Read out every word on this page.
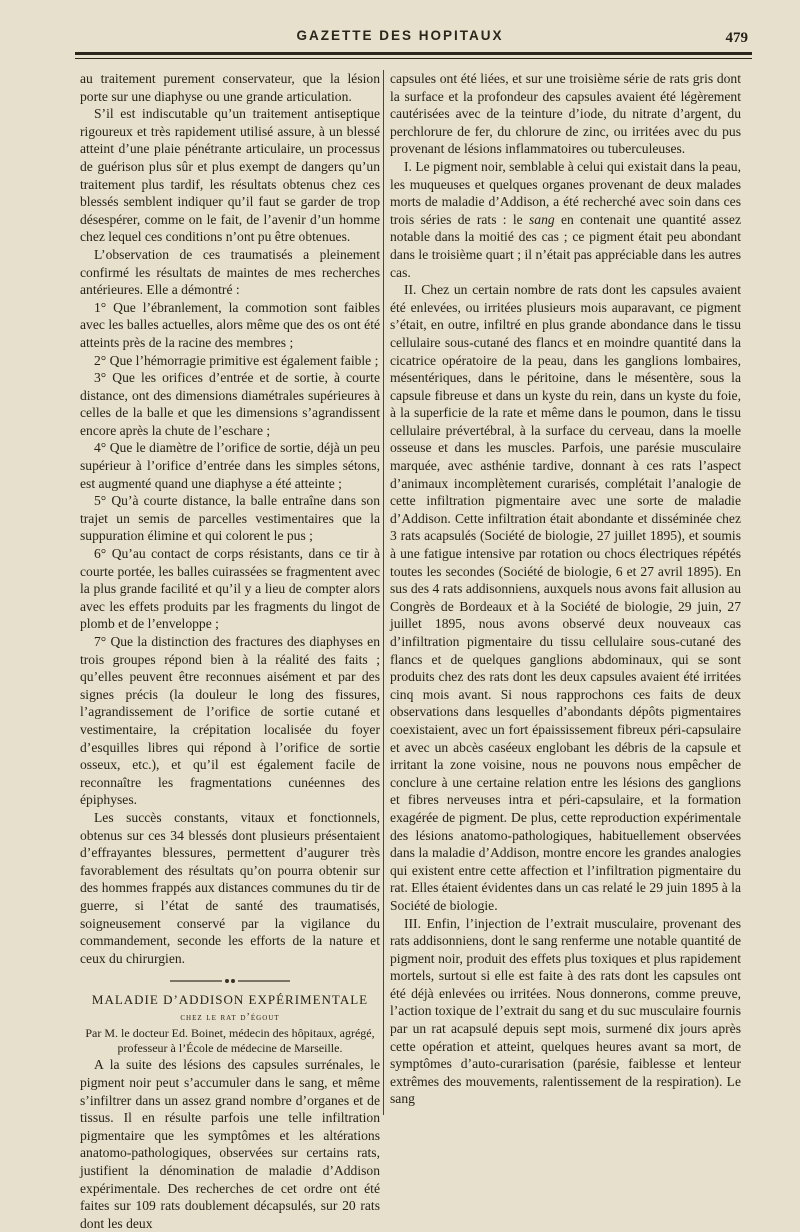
GAZETTE DES HOPITAUX	479

au traitement purement conservateur, que la lésion porte sur une diaphyse ou une grande articulation.

S’il est indiscutable qu’un traitement antiseptique rigoureux et très rapidement utilisé assure, à un blessé atteint d’une plaie pénétrante articulaire, un processus de guérison plus sûr et plus exempt de dangers qu’un traitement plus tardif, les résultats obtenus chez ces blessés semblent indiquer qu’il faut se garder de trop désespérer, comme on le fait, de l’avenir d’un homme chez lequel ces conditions n’ont pu être obtenues.

L’observation de ces traumatisés a pleinement confirmé les résultats de maintes de mes recherches antérieures. Elle a démontré :

1° Que l’ébranlement, la commotion sont faibles avec les balles actuelles, alors même que des os ont été atteints près de la racine des membres ;

2° Que l’hémorragie primitive est également faible ;

3° Que les orifices d’entrée et de sortie, à courte distance, ont des dimensions diamétrales supérieures à celles de la balle et que les dimensions s’agrandissent encore après la chute de l’eschare ;

4° Que le diamètre de l’orifice de sortie, déjà un peu supérieur à l’orifice d’entrée dans les simples sétons, est augmenté quand une diaphyse a été atteinte ;

5° Qu’à courte distance, la balle entraîne dans son trajet un semis de parcelles vestimentaires que la suppuration élimine et qui colorent le pus ;

6° Qu’au contact de corps résistants, dans ce tir à courte portée, les balles cuirassées se fragmentent avec la plus grande facilité et qu’il y a lieu de compter alors avec les effets produits par les fragments du lingot de plomb et de l’enveloppe ;

7° Que la distinction des fractures des diaphyses en trois groupes répond bien à la réalité des faits ; qu’elles peuvent être reconnues aisément et par des signes précis (la douleur le long des fissures, l’agrandissement de l’orifice de sortie cutané et vestimentaire, la crépitation localisée du foyer d’esquilles libres qui répond à l’orifice de sortie osseux, etc.), et qu’il est également facile de reconnaître les fragmentations cunéennes des épiphyses.

Les succès constants, vitaux et fonctionnels, obtenus sur ces 34 blessés dont plusieurs présentaient d’effrayantes blessures, permettent d’augurer très favorablement des résultats qu’on pourra obtenir sur des hommes frappés aux distances communes du tir de guerre, si l’état de santé des traumatisés, soigneusement conservé par la vigilance du commandement, seconde les efforts de la nature et ceux du chirurgien.

MALADIE D’ADDISON EXPÉRIMENTALE

chez le rat d’égout

Par M. le docteur Ed. Boinet, médecin des hôpitaux, agrégé, professeur à l’École de médecine de Marseille.

A la suite des lésions des capsules surrénales, le pigment noir peut s’accumuler dans le sang, et même s’infiltrer dans un assez grand nombre d’organes et de tissus. Il en résulte parfois une telle infiltration pigmentaire que les symptômes et les altérations anatomo-pathologiques, observées sur certains rats, justifient la dénomination de maladie d’Addison expérimentale. Des recherches de cet ordre ont été faites sur 109 rats doublement décapsulés, sur 20 rats dont les deux

capsules ont été liées, et sur une troisième série de rats gris dont la surface et la profondeur des capsules avaient été légèrement cautérisées avec de la teinture d’iode, du nitrate d’argent, du perchlorure de fer, du chlorure de zinc, ou irritées avec du pus provenant de lésions inflammatoires ou tuberculeuses.

I. Le pigment noir, semblable à celui qui existait dans la peau, les muqueuses et quelques organes provenant de deux malades morts de maladie d’Addison, a été recherché avec soin dans ces trois séries de rats : le sang en contenait une quantité assez notable dans la moitié des cas ; ce pigment était peu abondant dans le troisième quart ; il n’était pas appréciable dans les autres cas.

II. Chez un certain nombre de rats dont les capsules avaient été enlevées, ou irritées plusieurs mois auparavant, ce pigment s’était, en outre, infiltré en plus grande abondance dans le tissu cellulaire sous-cutané des flancs et en moindre quantité dans la cicatrice opératoire de la peau, dans les ganglions lombaires, mésentériques, dans le péritoine, dans le mésentère, sous la capsule fibreuse et dans un kyste du rein, dans un kyste du foie, à la superficie de la rate et même dans le poumon, dans le tissu cellulaire prévertébral, à la surface du cerveau, dans la moelle osseuse et dans les muscles. Parfois, une parésie musculaire marquée, avec asthénie tardive, donnant à ces rats l’aspect d’animaux incomplètement curarisés, complétait l’analogie de cette infiltration pigmentaire avec une sorte de maladie d’Addison. Cette infiltration était abondante et disséminée chez 3 rats acapsulés (Société de biologie, 27 juillet 1895), et soumis à une fatigue intensive par rotation ou chocs électriques répétés toutes les secondes (Société de biologie, 6 et 27 avril 1895). En sus des 4 rats addisonniens, auxquels nous avons fait allusion au Congrès de Bordeaux et à la Société de biologie, 29 juin, 27 juillet 1895, nous avons observé deux nouveaux cas d’infiltration pigmentaire du tissu cellulaire sous-cutané des flancs et de quelques ganglions abdominaux, qui se sont produits chez des rats dont les deux capsules avaient été irritées cinq mois avant. Si nous rapprochons ces faits de deux observations dans lesquelles d’abondants dépôts pigmentaires coexistaient, avec un fort épaississement fibreux péri-capsulaire et avec un abcès caséeux englobant les débris de la capsule et irritant la zone voisine, nous ne pouvons nous empêcher de conclure à une certaine relation entre les lésions des ganglions et fibres nerveuses intra et péri-capsulaire, et la formation exagérée de pigment. De plus, cette reproduction expérimentale des lésions anatomo-pathologiques, habituellement observées dans la maladie d’Addison, montre encore les grandes analogies qui existent entre cette affection et l’infiltration pigmentaire du rat. Elles étaient évidentes dans un cas relaté le 29 juin 1895 à la Société de biologie.

III. Enfin, l’injection de l’extrait musculaire, provenant des rats addisonniens, dont le sang renferme une notable quantité de pigment noir, produit des effets plus toxiques et plus rapidement mortels, surtout si elle est faite à des rats dont les capsules ont été déjà enlevées ou irritées. Nous donnerons, comme preuve, l’action toxique de l’extrait du sang et du suc musculaire fournis par un rat acapsulé depuis sept mois, surmené dix jours après cette opération et atteint, quelques heures avant sa mort, de symptômes d’auto-curarisation (parésie, faiblesse et lenteur extrêmes des mouvements, ralentissement de la respiration). Le sang
